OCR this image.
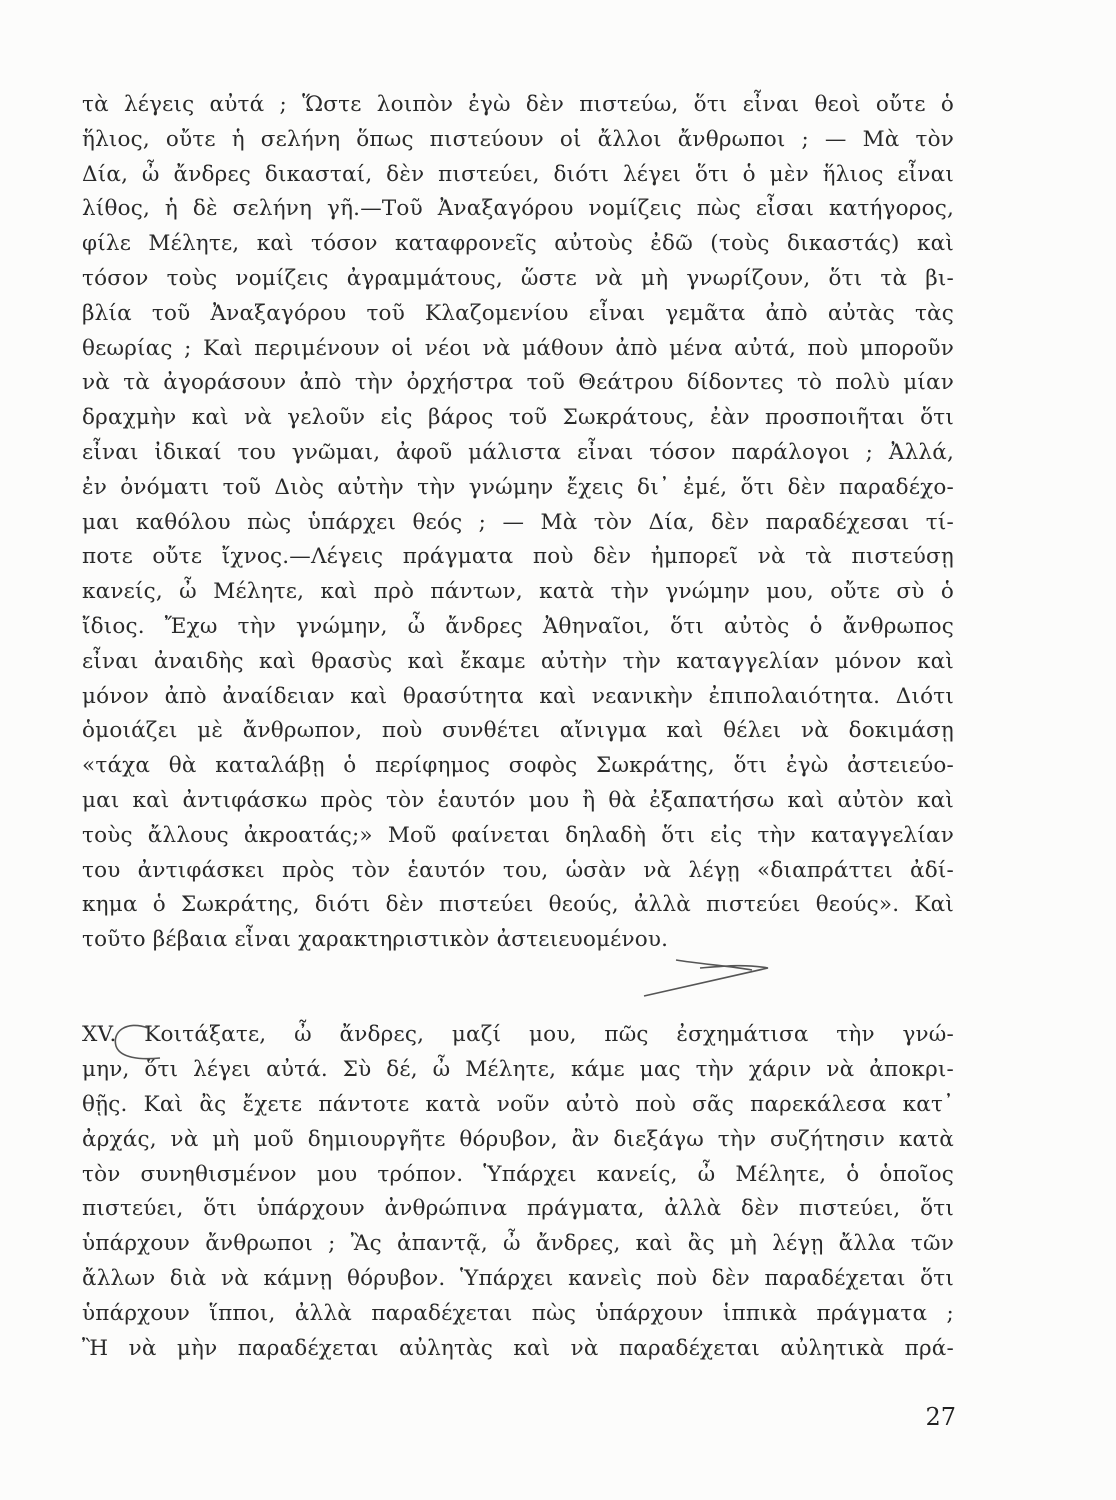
τὰ λέγεις αὐτά ; Ὥστε λοιπὸν ἐγὼ δὲν πιστεύω, ὅτι εἶναι θεοὶ οὔτε ὁ
ἥλιος, οὔτε ἡ σελήνη ὅπως πιστεύουν οἱ ἄλλοι ἄνθρωποι ; — Μὰ τὸν
Δία, ὦ ἄνδρες δικασταί, δὲν πιστεύει, διότι λέγει ὅτι ὁ μὲν ἥλιος εἶναι
λίθος, ἡ δὲ σελήνη γῆ.—Τοῦ Ἀναξαγόρου νομίζεις πὼς εἶσαι κατήγορος,
φίλε Μέλητε, καὶ τόσον καταφρονεῖς αὐτοὺς ἐδῶ (τοὺς δικαστάς) καὶ
τόσον τοὺς νομίζεις ἀγραμμάτους, ὥστε νὰ μὴ γνωρίζουν, ὅτι τὰ βι-
βλία τοῦ Ἀναξαγόρου τοῦ Κλαζομενίου εἶναι γεμᾶτα ἀπὸ αὐτὰς τὰς
θεωρίας ; Καὶ περιμένουν οἱ νέοι νὰ μάθουν ἀπὸ μένα αὐτά, ποὺ μποροῦν
νὰ τὰ ἀγοράσουν ἀπὸ τὴν ὀρχήστρα τοῦ Θεάτρου δίδοντες τὸ πολὺ μίαν
δραχμὴν καὶ νὰ γελοῦν εἰς βάρος τοῦ Σωκράτους, ἐὰν προσποιῆται ὅτι
εἶναι ἰδικαί του γνῶμαι, ἀφοῦ μάλιστα εἶναι τόσον παράλογοι ; Ἀλλά,
ἐν ὀνόματι τοῦ Διὸς αὐτὴν τὴν γνώμην ἔχεις δι᾽ ἐμέ, ὅτι δὲν παραδέχο-
μαι καθόλου πὼς ὑπάρχει θεός ; — Μὰ τὸν Δία, δὲν παραδέχεσαι τί-
ποτε οὔτε ἴχνος.—Λέγεις πράγματα ποὺ δὲν ἠμπορεῖ νὰ τὰ πιστεύσῃ
κανείς, ὦ Μέλητε, καὶ πρὸ πάντων, κατὰ τὴν γνώμην μου, οὔτε σὺ ὁ
ἴδιος. Ἔχω τὴν γνώμην, ὦ ἄνδρες Ἀθηναῖοι, ὅτι αὐτὸς ὁ ἄνθρωπος
εἶναι ἀναιδὴς καὶ θρασὺς καὶ ἔκαμε αὐτὴν τὴν καταγγελίαν μόνον καὶ
μόνον ἀπὸ ἀναίδειαν καὶ θρασύτητα καὶ νεανικὴν ἐπιπολαιότητα. Διότι
ὁμοιάζει μὲ ἄνθρωπον, ποὺ συνθέτει αἴνιγμα καὶ θέλει νὰ δοκιμάσῃ
«τάχα θὰ καταλάβῃ ὁ περίφημος σοφὸς Σωκράτης, ὅτι ἐγὼ ἀστειεύο-
μαι καὶ ἀντιφάσκω πρὸς τὸν ἑαυτόν μου ἢ θὰ ἐξαπατήσω καὶ αὐτὸν καὶ
τοὺς ἄλλους ἀκροατάς;» Μοῦ φαίνεται δηλαδὴ ὅτι εἰς τὴν καταγγελίαν
του ἀντιφάσκει πρὸς τὸν ἑαυτόν του, ὡσὰν νὰ λέγῃ «διαπράττει ἀδί-
κημα ὁ Σωκράτης, διότι δὲν πιστεύει θεούς, ἀλλὰ πιστεύει θεούς». Καὶ
τοῦτο βέβαια εἶναι χαρακτηριστικὸν ἀστειευομένου.
XV. Κοιτάξατε, ὦ ἄνδρες, μαζί μου, πῶς ἐσχημάτισα τὴν γνώ-
μην, ὅτι λέγει αὐτά. Σὺ δέ, ὦ Μέλητε, κάμε μας τὴν χάριν νὰ ἀποκρι-
θῇς. Καὶ ἂς ἔχετε πάντοτε κατὰ νοῦν αὐτὸ ποὺ σᾶς παρεκάλεσα κατ᾽
ἀρχάς, νὰ μὴ μοῦ δημιουργῆτε θόρυβον, ἂν διεξάγω τὴν συζήτησιν κατὰ
τὸν συνηθισμένον μου τρόπον. Ὑπάρχει κανείς, ὦ Μέλητε, ὁ ὁποῖος
πιστεύει, ὅτι ὑπάρχουν ἀνθρώπινα πράγματα, ἀλλὰ δὲν πιστεύει, ὅτι
ὑπάρχουν ἄνθρωποι ; Ἂς ἀπαντᾷ, ὦ ἄνδρες, καὶ ἂς μὴ λέγῃ ἄλλα τῶν
ἄλλων διὰ νὰ κάμνῃ θόρυβον. Ὑπάρχει κανεὶς ποὺ δὲν παραδέχεται ὅτι
ὑπάρχουν ἵπποι, ἀλλὰ παραδέχεται πὼς ὑπάρχουν ἱππικὰ πράγματα ;
Ἢ νὰ μὴν παραδέχεται αὐλητὰς καὶ νὰ παραδέχεται αὐλητικὰ πρά-
27
